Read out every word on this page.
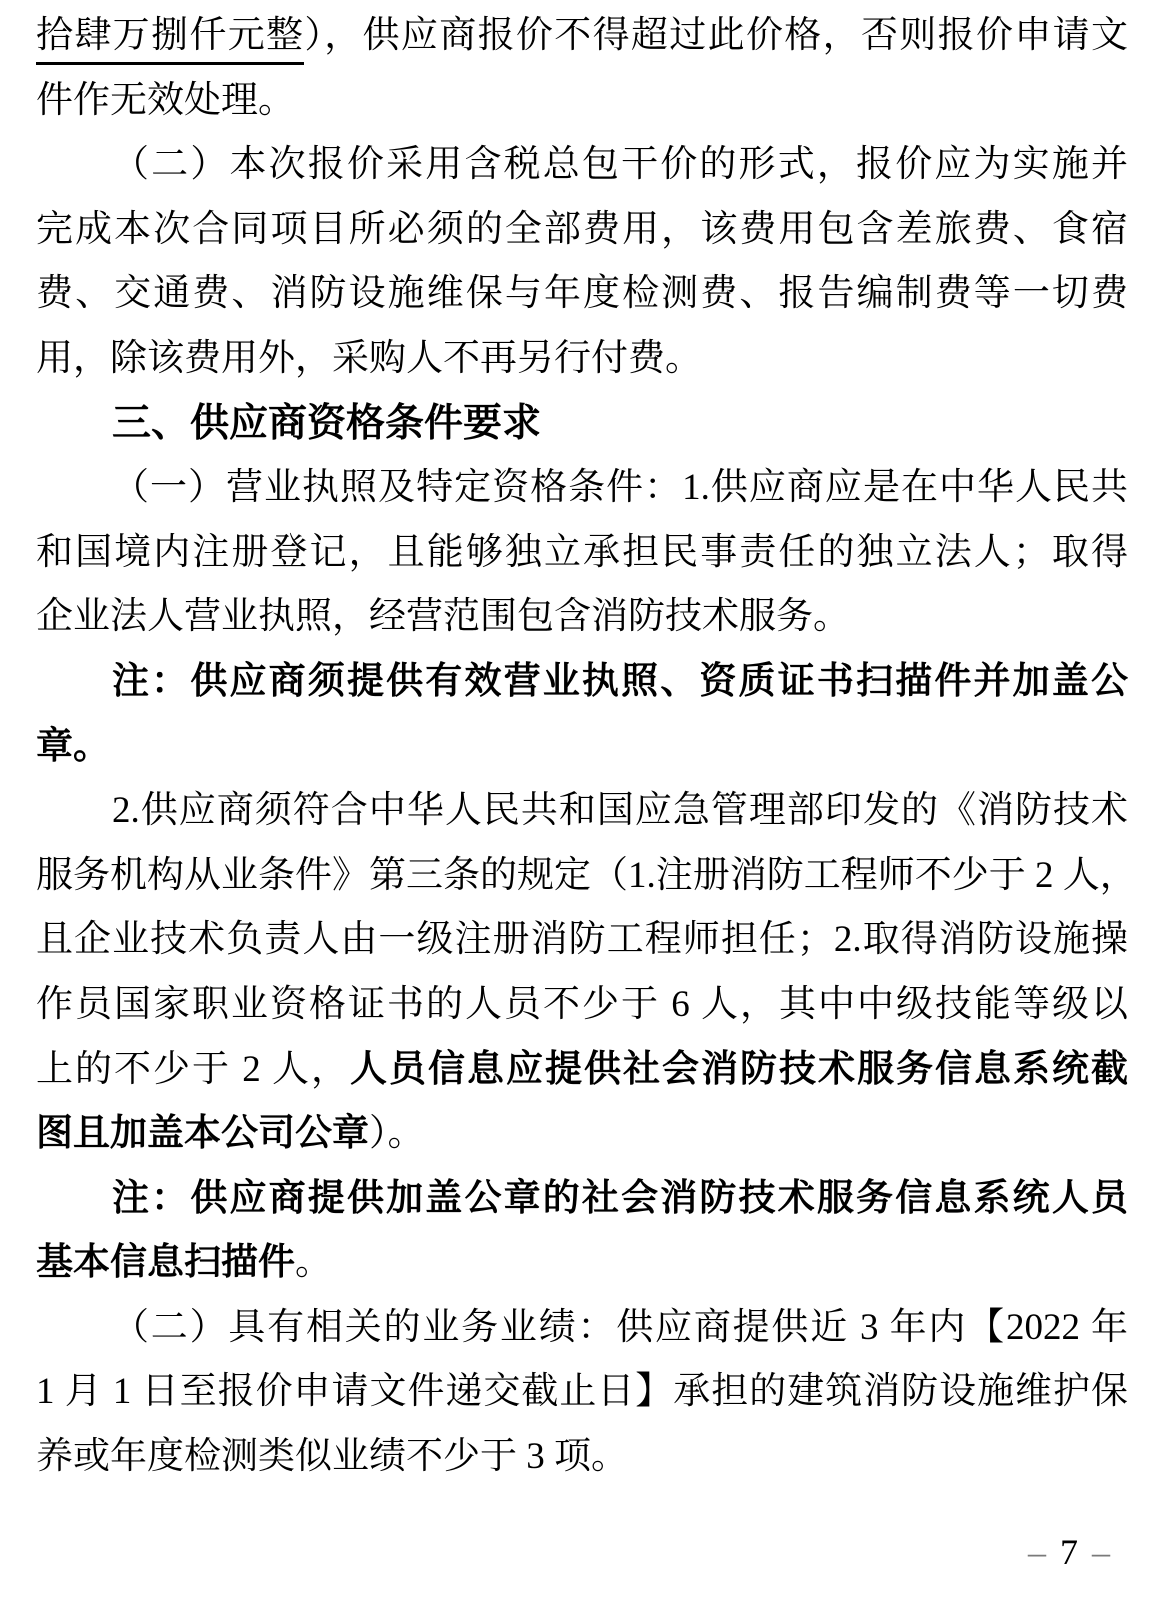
拾肆万捌仟元整），供应商报价不得超过此价格，否则报价申请文

件作无效处理。

（二）本次报价采用含税总包干价的形式，报价应为实施并

完成本次合同项目所必须的全部费用，该费用包含差旅费、食宿

费、交通费、消防设施维保与年度检测费、报告编制费等一切费

用，除该费用外，采购人不再另行付费。

三、供应商资格条件要求

（一）营业执照及特定资格条件：1.供应商应是在中华人民共

和国境内注册登记，且能够独立承担民事责任的独立法人；取得

企业法人营业执照，经营范围包含消防技术服务。

注：供应商须提供有效营业执照、资质证书扫描件并加盖公

章。

2.供应商须符合中华人民共和国应急管理部印发的《消防技术

服务机构从业条件》第三条的规定（1.注册消防工程师不少于 2 人，

且企业技术负责人由一级注册消防工程师担任；2.取得消防设施操

作员国家职业资格证书的人员不少于 6 人，其中中级技能等级以

上的不少于 2 人，人员信息应提供社会消防技术服务信息系统截

图且加盖本公司公章）。

注：供应商提供加盖公章的社会消防技术服务信息系统人员

基本信息扫描件。

（二）具有相关的业务业绩：供应商提供近 3 年内【2022 年

1 月 1 日至报价申请文件递交截止日】承担的建筑消防设施维护保

养或年度检测类似业绩不少于 3 项。

– 7 –
